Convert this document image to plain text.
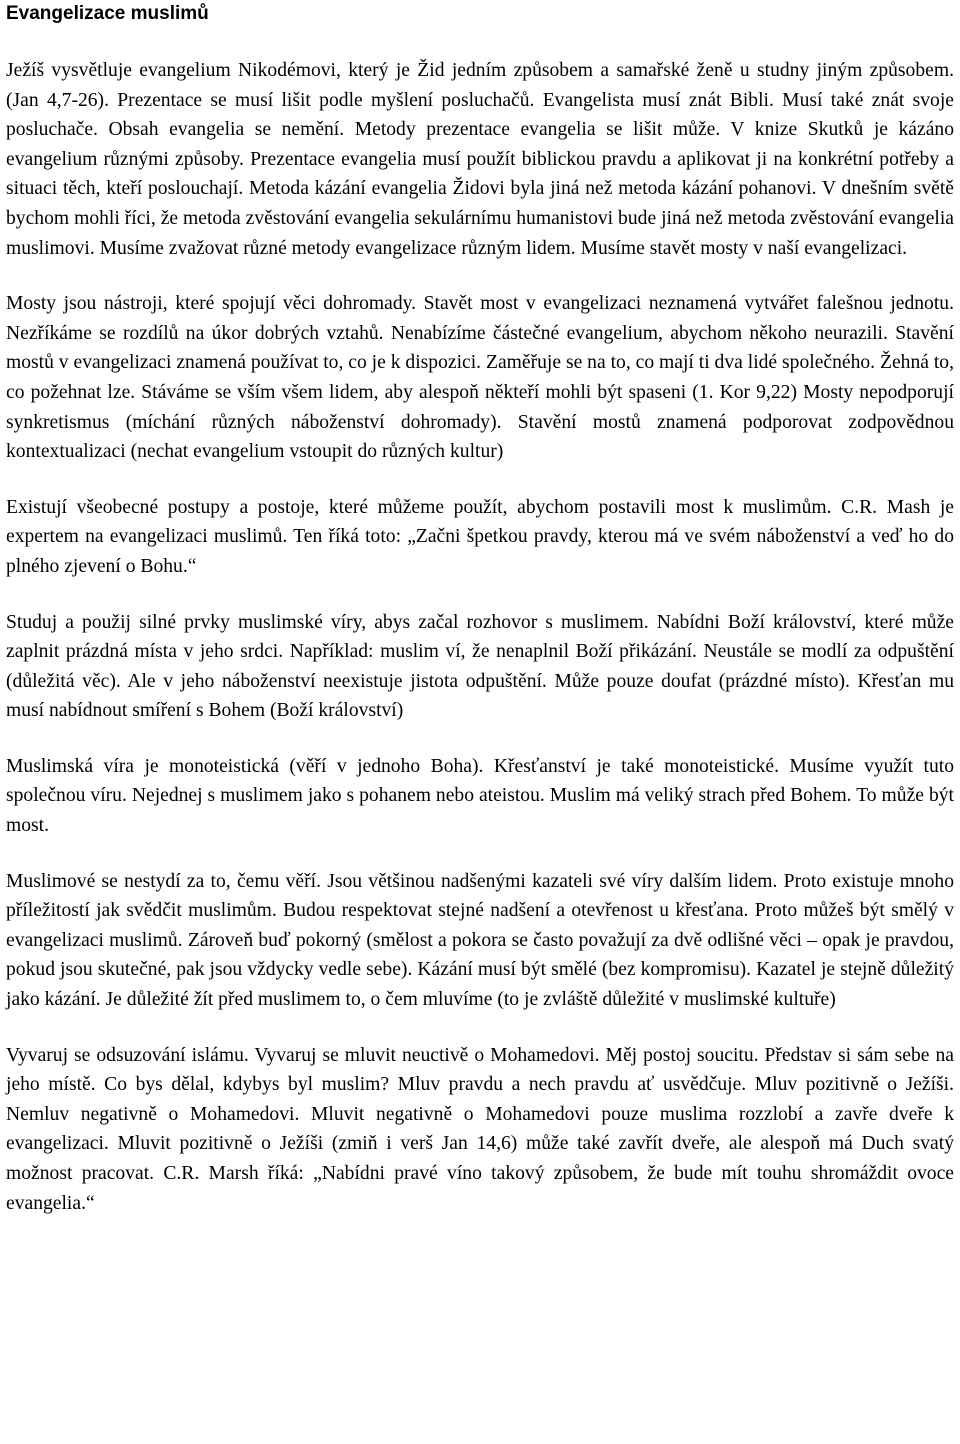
Evangelizace muslimů

Ježíš vysvětluje evangelium Nikodémovi, který je Žid jedním způsobem a samařské ženě u studny jiným způsobem. (Jan 4,7-26). Prezentace se musí lišit podle myšlení posluchačů. Evangelista musí znát Bibli. Musí také znát svoje posluchače. Obsah evangelia se nemění. Metody prezentace evangelia se lišit může. V knize Skutků je kázáno evangelium různými způsoby. Prezentace evangelia musí použít biblickou pravdu a aplikovat ji na konkrétní potřeby a situaci těch, kteří poslouchají. Metoda kázání evangelia Židovi byla jiná než metoda kázání pohanovi. V dnešním světě bychom mohli říci, že metoda zvěstování evangelia sekulárnímu humanistovi bude jiná než metoda zvěstování evangelia muslimovi. Musíme zvažovat různé metody evangelizace různým lidem. Musíme stavět mosty v naší evangelizaci.

Mosty jsou nástroji, které spojují věci dohromady. Stavět most v evangelizaci neznamená vytvářet falešnou jednotu. Nezříkáme se rozdílů na úkor dobrých vztahů. Nenabízíme částečné evangelium, abychom někoho neurazili. Stavění mostů v evangelizaci znamená používat to, co je k dispozici. Zaměřuje se na to, co mají ti dva lidé společného. Žehná to, co požehnat lze. Stáváme se vším všem lidem, aby alespoň někteří mohli být spaseni (1. Kor 9,22) Mosty nepodporují synkretismus (míchání různých náboženství dohromady). Stavění mostů znamená podporovat zodpovědnou kontextualizaci (nechat evangelium vstoupit do různých kultur)

Existují všeobecné postupy a postoje, které můžeme použít, abychom postavili most k muslimům. C.R. Mash je expertem na evangelizaci muslimů. Ten říká toto: „Začni špetkou pravdy, kterou má ve svém náboženství a veď ho do plného zjevení o Bohu.“

Studuj a použij silné prvky muslimské víry, abys začal rozhovor s muslimem. Nabídni Boží království, které může zaplnit prázdná místa v jeho srdci. Například: muslim ví, že nenaplnil Boží přikázání. Neustále se modlí za odpuštění (důležitá věc). Ale v jeho náboženství neexistuje jistota odpuštění. Může pouze doufat (prázdné místo). Křesťan mu musí nabídnout smíření s Bohem (Boží království)

Muslimská víra je monoteistická (věří v jednoho Boha). Křesťanství je také monoteistické. Musíme využít tuto společnou víru. Nejednej s muslimem jako s pohanem nebo ateistou. Muslim má veliký strach před Bohem. To může být most.

Muslimové se nestydí za to, čemu věří. Jsou většinou nadšenými kazateli své víry dalším lidem. Proto existuje mnoho příležitostí jak svědčit muslimům. Budou respektovat stejné nadšení a otevřenost u křesťana. Proto můžeš být smělý v evangelizaci muslimů. Zároveň buď pokorný (smělost a pokora se často považují za dvě odlišné věci – opak je pravdou, pokud jsou skutečné, pak jsou vždycky vedle sebe). Kázání musí být smělé (bez kompromisu). Kazatel je stejně důležitý jako kázání. Je důležité žít před muslimem to, o čem mluvíme (to je zvláště důležité v muslimské kultuře)

Vyvaruj se odsuzování islámu. Vyvaruj se mluvit neuctivě o Mohamedovi. Měj postoj soucitu. Představ si sám sebe na jeho místě. Co bys dělal, kdybys byl muslim? Mluv pravdu a nech pravdu ať usvědčuje. Mluv pozitivně o Ježíši. Nemluv negativně o Mohamedovi. Mluvit negativně o Mohamedovi pouze muslima rozzlobí a zavře dveře k evangelizaci. Mluvit pozitivně o Ježíši (zmiň i verš Jan 14,6) může také zavřít dveře, ale alespoň má Duch svatý možnost pracovat. C.R. Marsh říká: „Nabídni pravé víno takový způsobem, že bude mít touhu shromáždit ovoce evangelia.“
